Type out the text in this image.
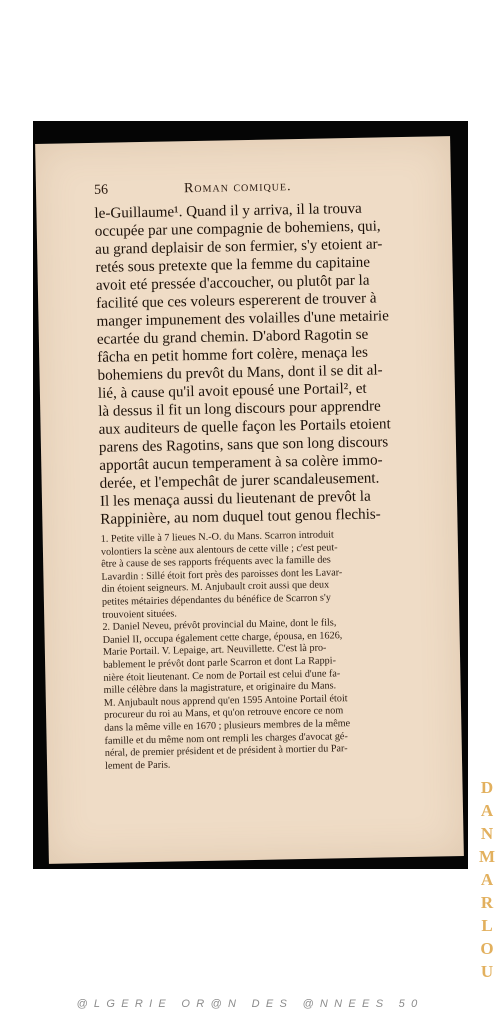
56	Roman comique.
le-Guillaume¹. Quand il y arriva, il la trouva
occupée par une compagnie de bohemiens, qui,
au grand deplaisir de son fermier, s'y etoient ar-
retés sous pretexte que la femme du capitaine
avoit eté pressée d'accoucher, ou plutôt par la
facilité que ces voleurs espererent de trouver à
manger impunement des volailles d'une metairie
ecartée du grand chemin. D'abord Ragotin se
fâcha en petit homme fort colère, menaça les
bohemiens du prevôt du Mans, dont il se dit al-
lié, à cause qu'il avoit epousé une Portail², et
là dessus il fit un long discours pour apprendre
aux auditeurs de quelle façon les Portails etoient
parens des Ragotins, sans que son long discours
apportât aucun temperament à sa colère immo-
derée, et l'empechât de jurer scandaleusement.
Il les menaça aussi du lieutenant de prevôt la
Rappinière, au nom duquel tout genou flechis-
1. Petite ville à 7 lieues N.-O. du Mans. Scarron introduit
volontiers la scène aux alentours de cette ville ; c'est peut-
être à cause de ses rapports fréquents avec la famille des
Lavardin : Sillé étoit fort près des paroisses dont les Lavar-
din étoient seigneurs. M. Anjubault croit aussi que deux
petites métairies dépendantes du bénéfice de Scarron s'y
trouvoient situées.
2. Daniel Neveu, prévôt provincial du Maine, dont le fils,
Daniel II, occupa également cette charge, épousa, en 1626,
Marie Portail. V. Lepaige, art. Neuvillette. C'est là pro-
bablement le prévôt dont parle Scarron et dont La Rappi-
nière étoit lieutenant. Ce nom de Portail est celui d'une fa-
mille célèbre dans la magistrature, et originaire du Mans.
M. Anjubault nous apprend qu'en 1595 Antoine Portail étoit
procureur du roi au Mans, et qu'on retrouve encore ce nom
dans la même ville en 1670 ; plusieurs membres de la même
famille et du même nom ont rempli les charges d'avocat gé-
néral, de premier président et de président à mortier du Par-
lement de Paris.
D
A
N
M
A
R
L
O
U
@LGERIE OR@N DES @NNEES 50
